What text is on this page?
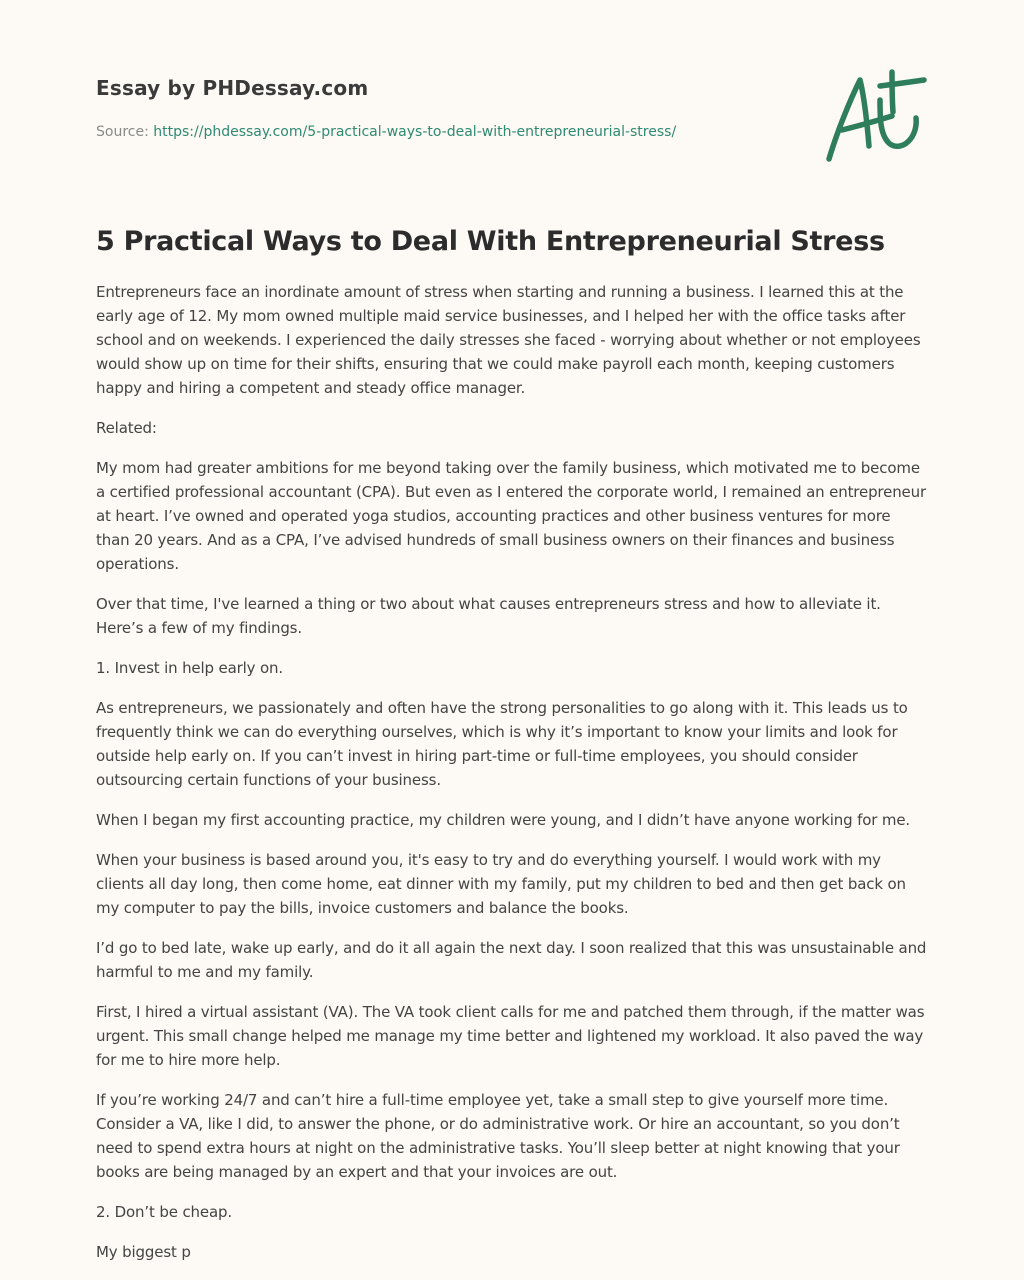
Essay by PHDessay.com
Source: https://phdessay.com/5-practical-ways-to-deal-with-entrepreneurial-stress/
5 Practical Ways to Deal With Entrepreneurial Stress

Entrepreneurs face an inordinate amount of stress when starting and running a business. I learned this at the early age of 12. My mom owned multiple maid service businesses, and I helped her with the office tasks after school and on weekends. I experienced the daily stresses she faced - worrying about whether or not employees would show up on time for their shifts, ensuring that we could make payroll each month, keeping customers happy and hiring a competent and steady office manager.

Related:

My mom had greater ambitions for me beyond taking over the family business, which motivated me to become a certified professional accountant (CPA). But even as I entered the corporate world, I remained an entrepreneur at heart. I’ve owned and operated yoga studios, accounting practices and other business ventures for more than 20 years. And as a CPA, I’ve advised hundreds of small business owners on their finances and business operations.

Over that time, I've learned a thing or two about what causes entrepreneurs stress and how to alleviate it. Here’s a few of my findings.

1. Invest in help early on.

As entrepreneurs, we passionately and often have the strong personalities to go along with it. This leads us to frequently think we can do everything ourselves, which is why it’s important to know your limits and look for outside help early on. If you can’t invest in hiring part-time or full-time employees, you should consider outsourcing certain functions of your business.

When I began my first accounting practice, my children were young, and I didn’t have anyone working for me.

When your business is based around you, it's easy to try and do everything yourself. I would work with my clients all day long, then come home, eat dinner with my family, put my children to bed and then get back on my computer to pay the bills, invoice customers and balance the books.

I’d go to bed late, wake up early, and do it all again the next day. I soon realized that this was unsustainable and harmful to me and my family.

First, I hired a virtual assistant (VA). The VA took client calls for me and patched them through, if the matter was urgent. This small change helped me manage my time better and lightened my workload. It also paved the way for me to hire more help.

If you’re working 24/7 and can’t hire a full-time employee yet, take a small step to give yourself more time. Consider a VA, like I did, to answer the phone, or do administrative work. Or hire an accountant, so you don’t need to spend extra hours at night on the administrative tasks. You’ll sleep better at night knowing that your books are being managed by an expert and that your invoices are out.

2. Don’t be cheap.

My biggest p
